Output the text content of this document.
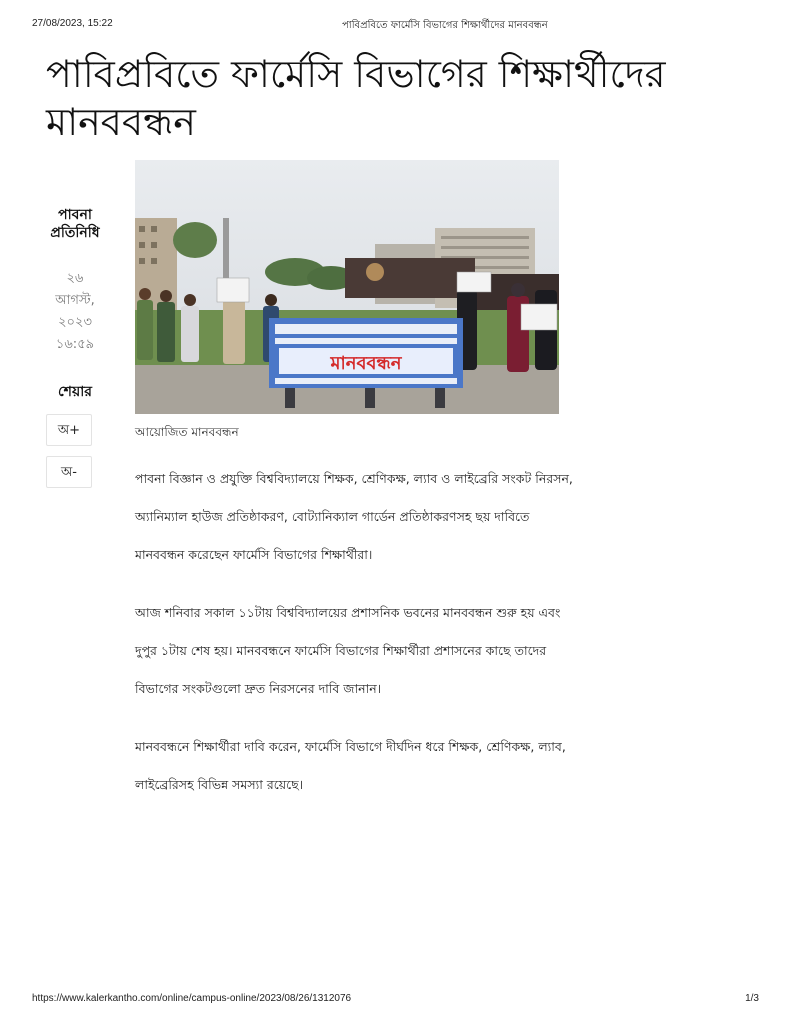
27/08/2023, 15:22	পাবিপ্রবিতে ফার্মেসি বিভাগের শিক্ষার্থীদের মানববন্ধন
পাবিপ্রবিতে ফার্মেসি বিভাগের শিক্ষার্থীদের মানববন্ধন
পাবনা প্রতিনিধি
২৬
আগস্ট,
২০২৩
১৬:৫৯
শেয়ার
অ+
অ-
মানববন্ধন
আয়োজিত মানববন্ধন

পাবনা বিজ্ঞান ও প্রযুক্তি বিশ্ববিদ্যালয়ে শিক্ষক, শ্রেণিকক্ষ, ল্যাব ও লাইব্রেরি সংকট নিরসন, অ্যানিম্যাল হাউজ প্রতিষ্ঠাকরণ, বোট্যানিক্যাল গার্ডেন প্রতিষ্ঠাকরণসহ ছয় দাবিতে মানববন্ধন করেছেন ফার্মেসি বিভাগের শিক্ষার্থীরা।

আজ শনিবার সকাল ১১টায় বিশ্ববিদ্যালয়ের প্রশাসনিক ভবনের মানববন্ধন শুরু হয় এবং দুপুর ১টায় শেষ হয়। মানববন্ধনে ফার্মেসি বিভাগের শিক্ষার্থীরা প্রশাসনের কাছে তাদের বিভাগের সংকটগুলো দ্রুত নিরসনের দাবি জানান।

মানববন্ধনে শিক্ষার্থীরা দাবি করেন, ফার্মেসি বিভাগে দীর্ঘদিন ধরে শিক্ষক, শ্রেণিকক্ষ, ল্যাব, লাইব্রেরিসহ বিভিন্ন সমস্যা রয়েছে।

https://www.kalerkantho.com/online/campus-online/2023/08/26/1312076	1/3
